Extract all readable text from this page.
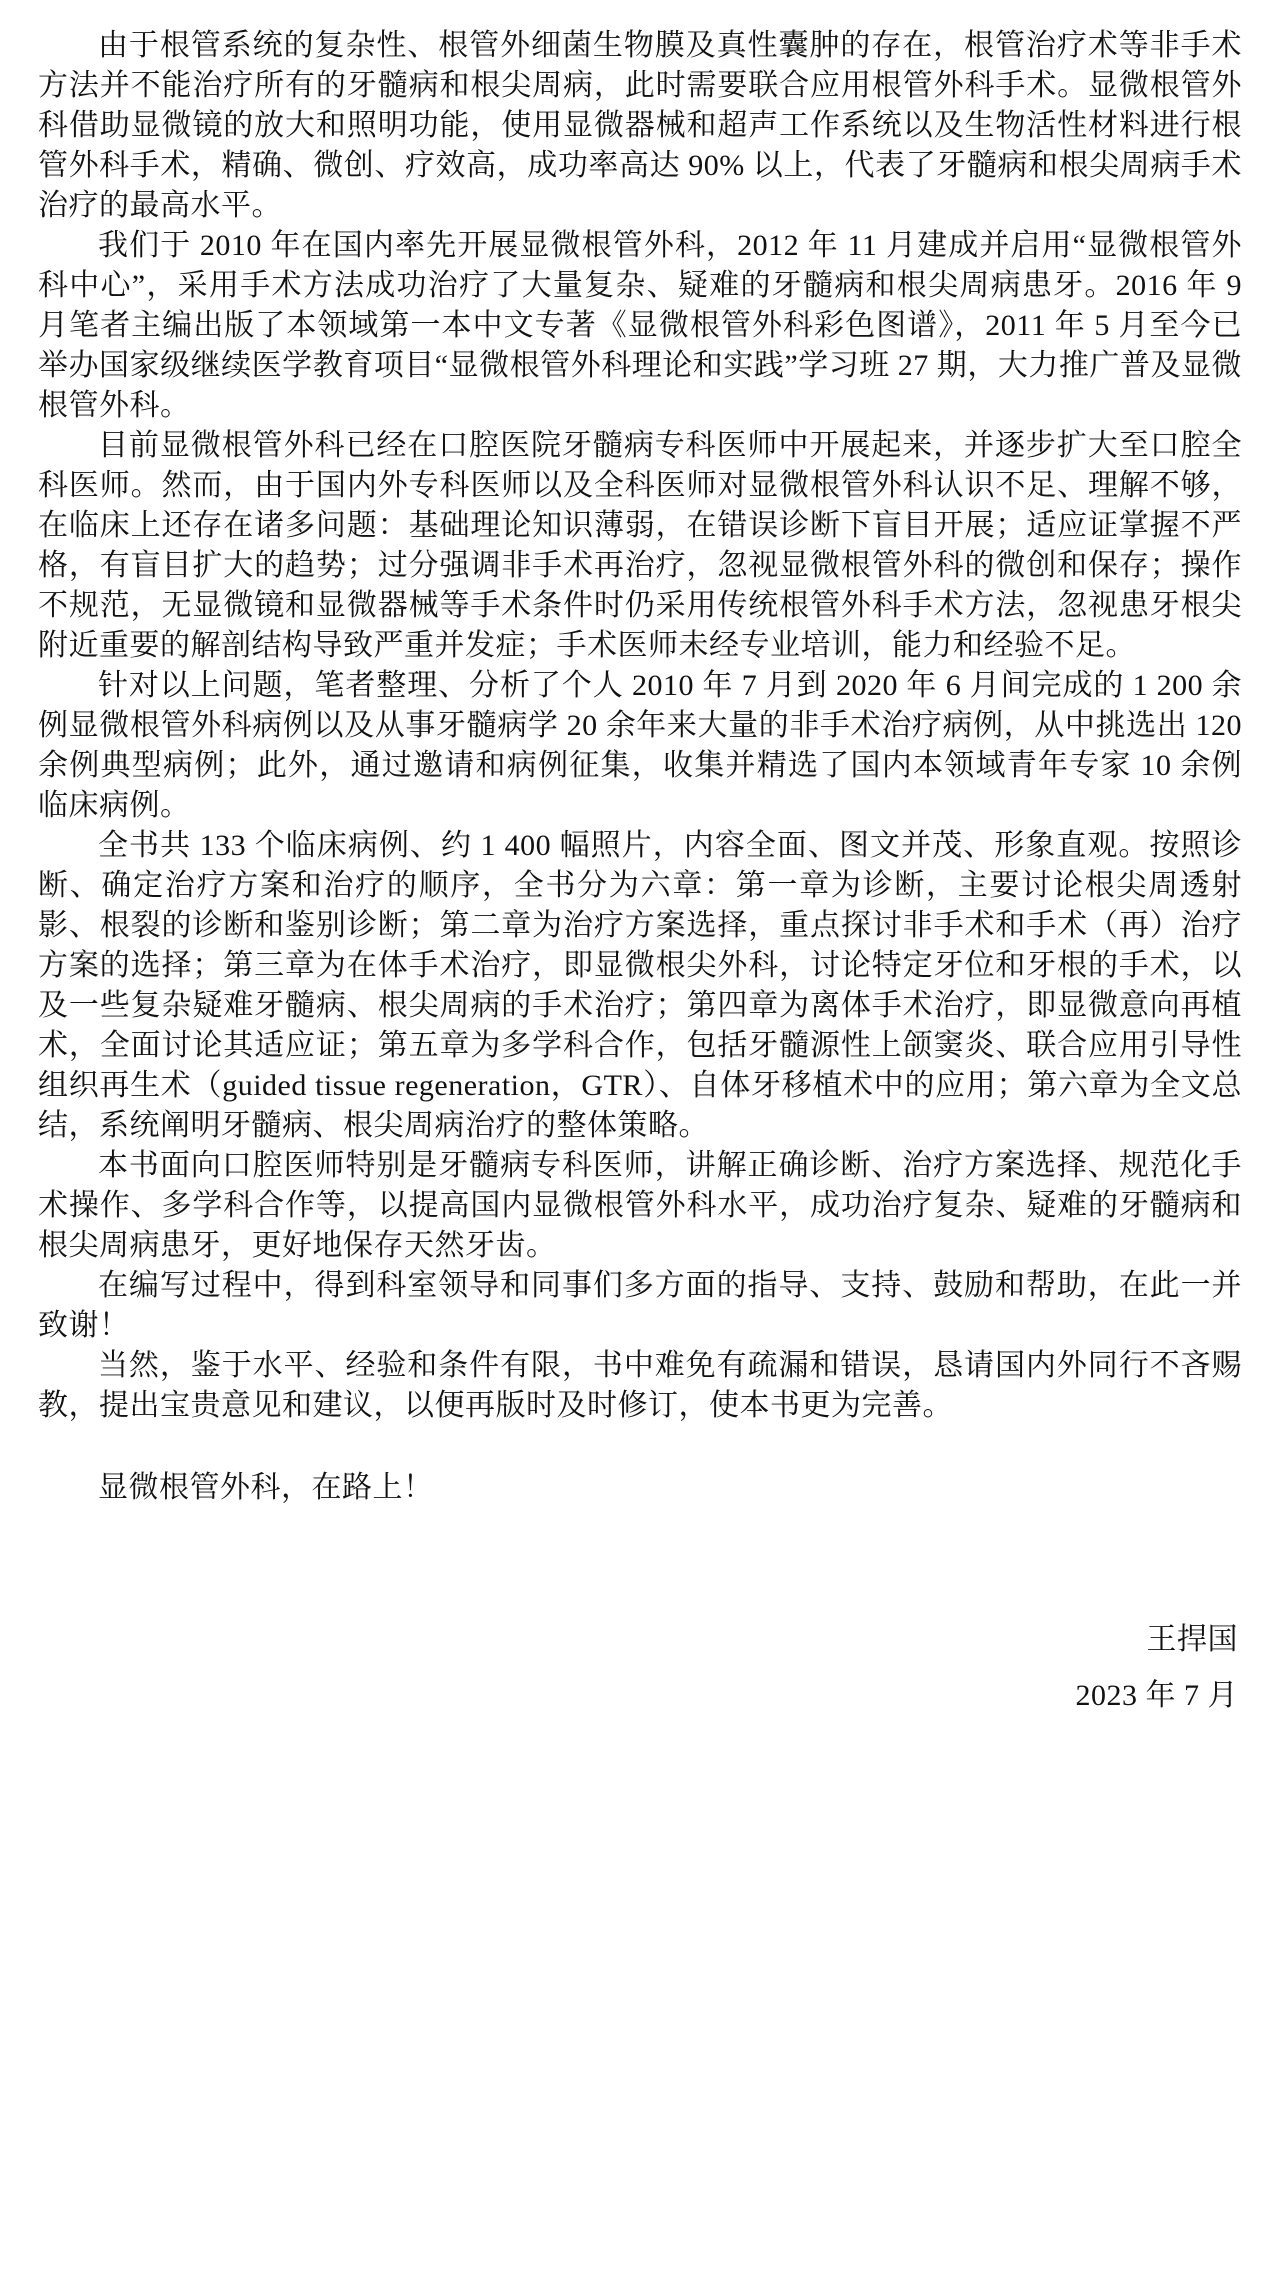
由于根管系统的复杂性、根管外细菌生物膜及真性囊肿的存在，根管治疗术等非手术方法并不能治疗所有的牙髓病和根尖周病，此时需要联合应用根管外科手术。显微根管外科借助显微镜的放大和照明功能，使用显微器械和超声工作系统以及生物活性材料进行根管外科手术，精确、微创、疗效高，成功率高达 90% 以上，代表了牙髓病和根尖周病手术治疗的最高水平。

我们于 2010 年在国内率先开展显微根管外科，2012 年 11 月建成并启用“显微根管外科中心”，采用手术方法成功治疗了大量复杂、疑难的牙髓病和根尖周病患牙。2016 年 9 月笔者主编出版了本领域第一本中文专著《显微根管外科彩色图谱》，2011 年 5 月至今已举办国家级继续医学教育项目“显微根管外科理论和实践”学习班 27 期，大力推广普及显微根管外科。

目前显微根管外科已经在口腔医院牙髓病专科医师中开展起来，并逐步扩大至口腔全科医师。然而，由于国内外专科医师以及全科医师对显微根管外科认识不足、理解不够，在临床上还存在诸多问题：基础理论知识薄弱，在错误诊断下盲目开展；适应证掌握不严格，有盲目扩大的趋势；过分强调非手术再治疗，忽视显微根管外科的微创和保存；操作不规范，无显微镜和显微器械等手术条件时仍采用传统根管外科手术方法，忽视患牙根尖附近重要的解剖结构导致严重并发症；手术医师未经专业培训，能力和经验不足。

针对以上问题，笔者整理、分析了个人 2010 年 7 月到 2020 年 6 月间完成的 1 200 余例显微根管外科病例以及从事牙髓病学 20 余年来大量的非手术治疗病例，从中挑选出 120 余例典型病例；此外，通过邀请和病例征集，收集并精选了国内本领域青年专家 10 余例临床病例。

全书共 133 个临床病例、约 1 400 幅照片，内容全面、图文并茂、形象直观。按照诊断、确定治疗方案和治疗的顺序，全书分为六章：第一章为诊断，主要讨论根尖周透射影、根裂的诊断和鉴别诊断；第二章为治疗方案选择，重点探讨非手术和手术（再）治疗方案的选择；第三章为在体手术治疗，即显微根尖外科，讨论特定牙位和牙根的手术，以及一些复杂疑难牙髓病、根尖周病的手术治疗；第四章为离体手术治疗，即显微意向再植术，全面讨论其适应证；第五章为多学科合作，包括牙髓源性上颌窦炎、联合应用引导性组织再生术（guided tissue regeneration，GTR）、自体牙移植术中的应用；第六章为全文总结，系统阐明牙髓病、根尖周病治疗的整体策略。

本书面向口腔医师特别是牙髓病专科医师，讲解正确诊断、治疗方案选择、规范化手术操作、多学科合作等，以提高国内显微根管外科水平，成功治疗复杂、疑难的牙髓病和根尖周病患牙，更好地保存天然牙齿。

在编写过程中，得到科室领导和同事们多方面的指导、支持、鼓励和帮助，在此一并致谢！

当然，鉴于水平、经验和条件有限，书中难免有疏漏和错误，恳请国内外同行不吝赐教，提出宝贵意见和建议，以便再版时及时修订，使本书更为完善。

显微根管外科，在路上！

王捍国

2023 年 7 月
